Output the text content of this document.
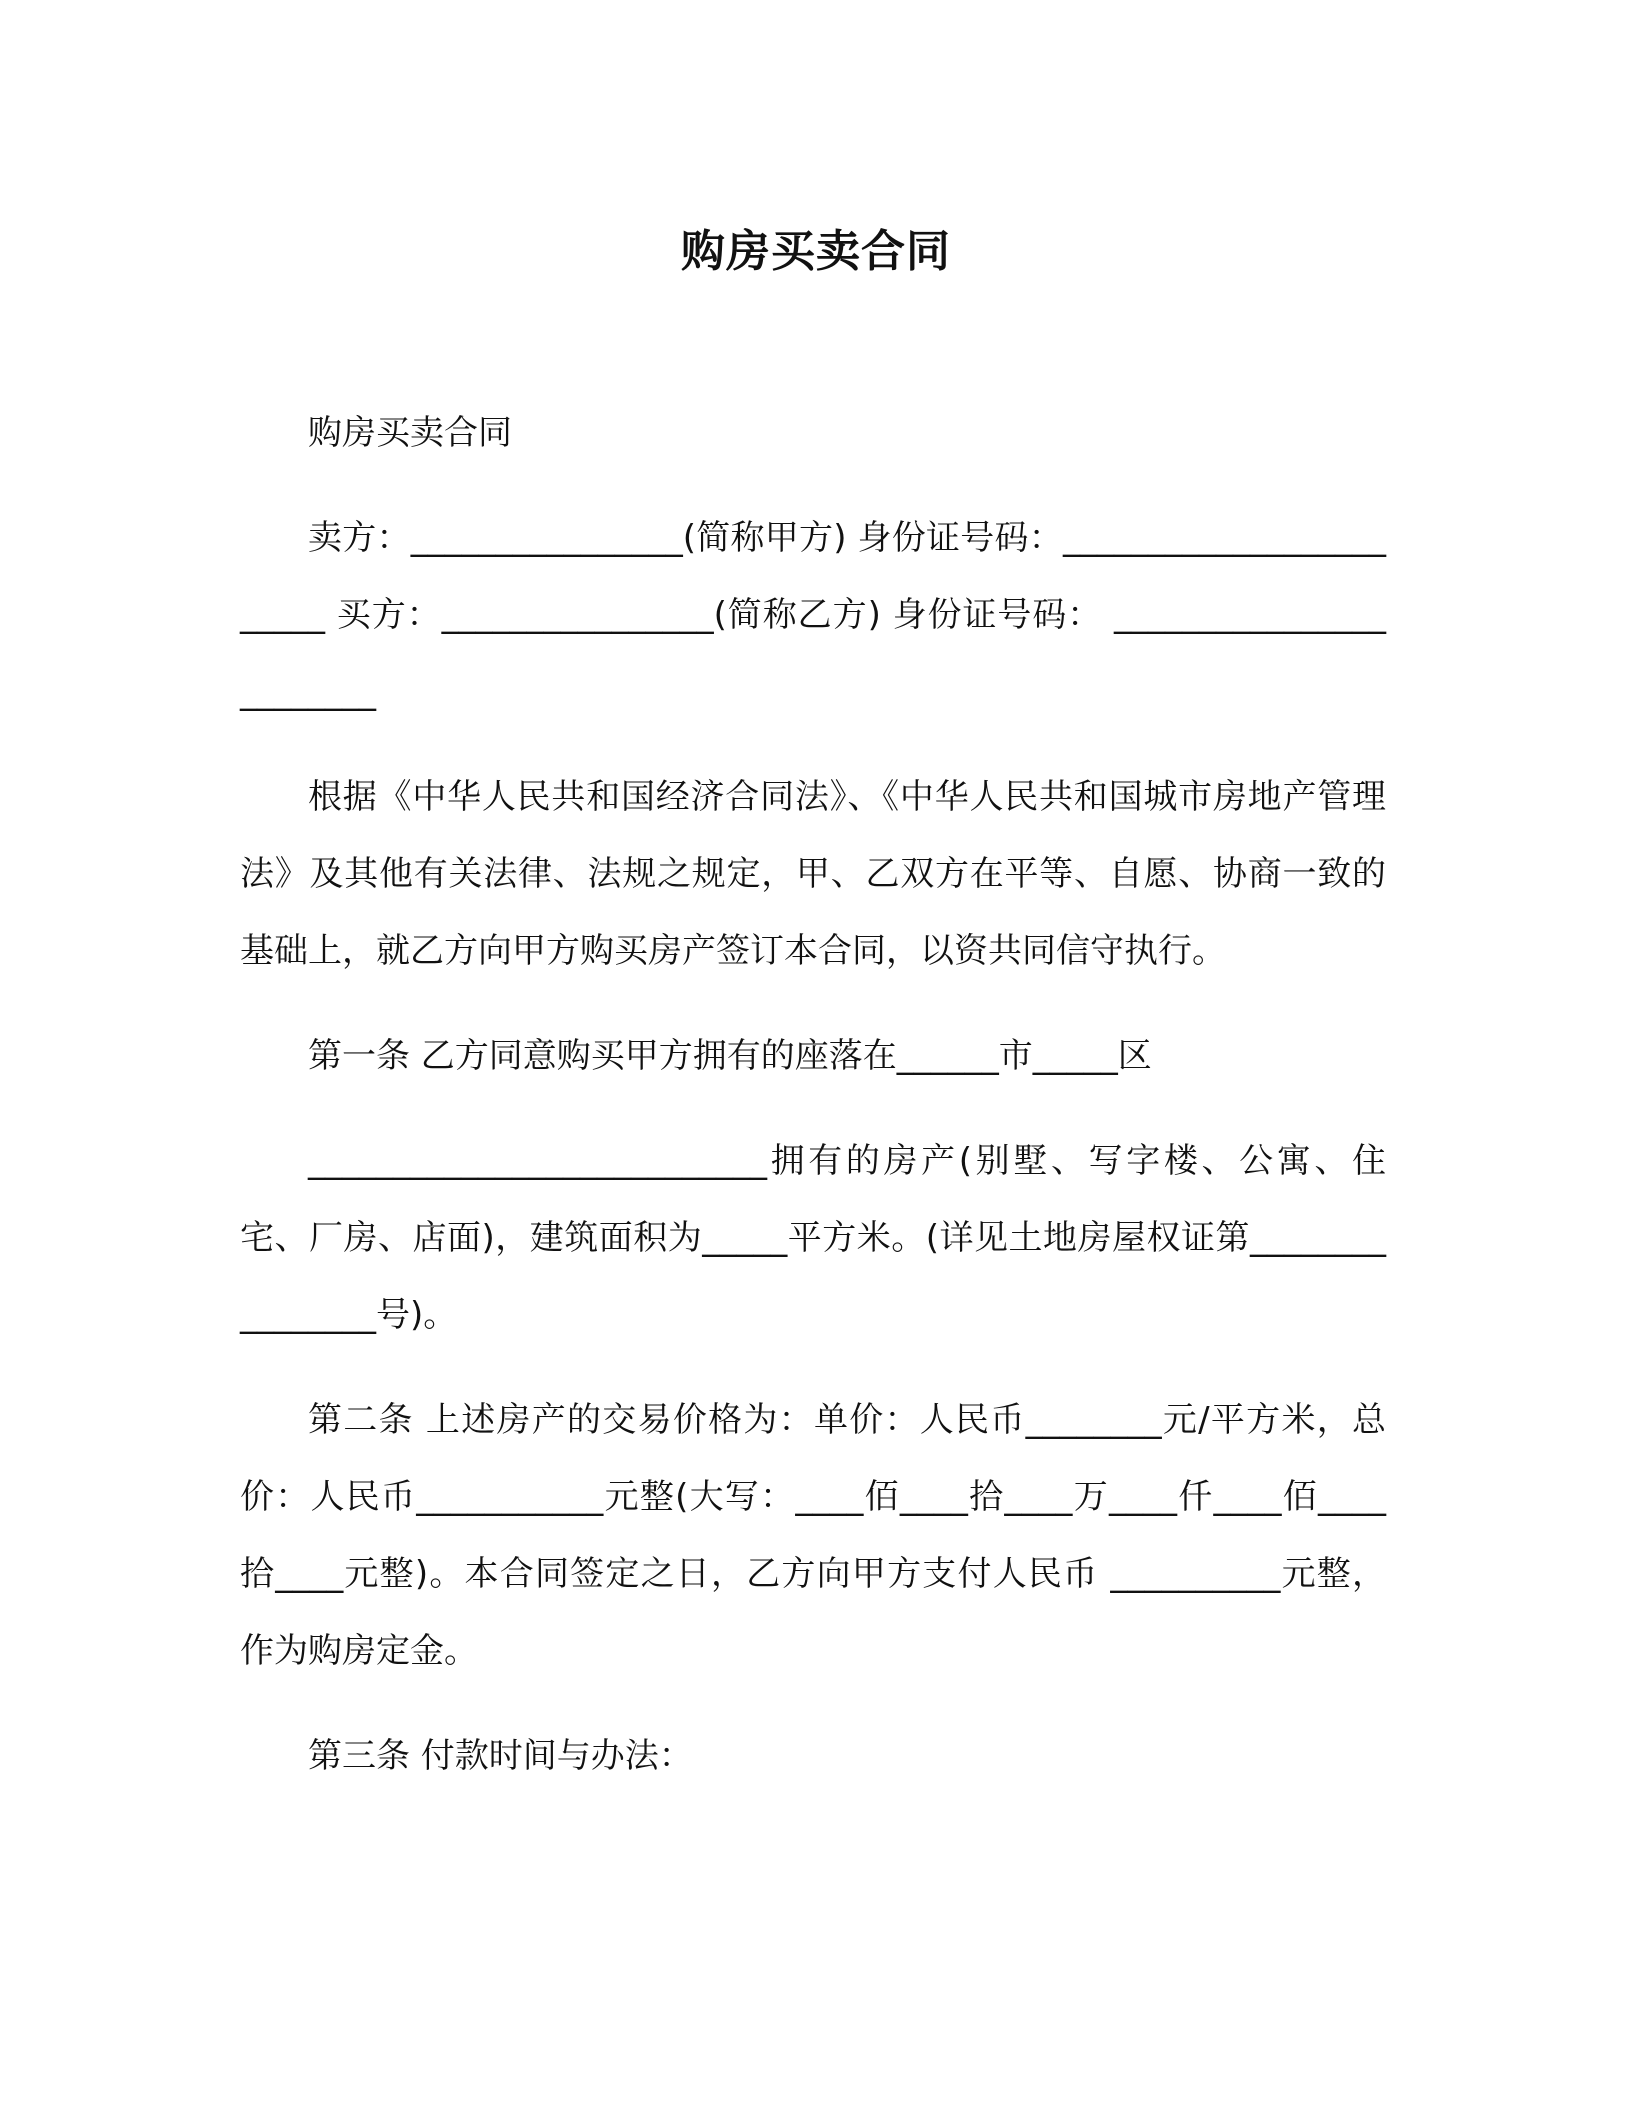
购房买卖合同

购房买卖合同

卖方：________________(简称甲方) 身份证号码：________________________ 买方：________________(简称乙方) 身份证号码： ________________________

根据《中华人民共和国经济合同法》、《中华人民共和国城市房地产管理法》及其他有关法律、法规之规定，甲、乙双方在平等、自愿、协商一致的基础上，就乙方向甲方购买房产签订本合同，以资共同信守执行。

第一条 乙方同意购买甲方拥有的座落在______市_____区

___________________________拥有的房产(别墅、写字楼、公寓、住宅、厂房、店面)，建筑面积为_____平方米。(详见土地房屋权证第________________号)。

第二条 上述房产的交易价格为：单价：人民币________元/平方米，总价：人民币___________元整(大写：____佰____拾____万____仟____佰____拾____元整)。本合同签定之日，乙方向甲方支付人民币 __________元整，作为购房定金。

第三条 付款时间与办法：
